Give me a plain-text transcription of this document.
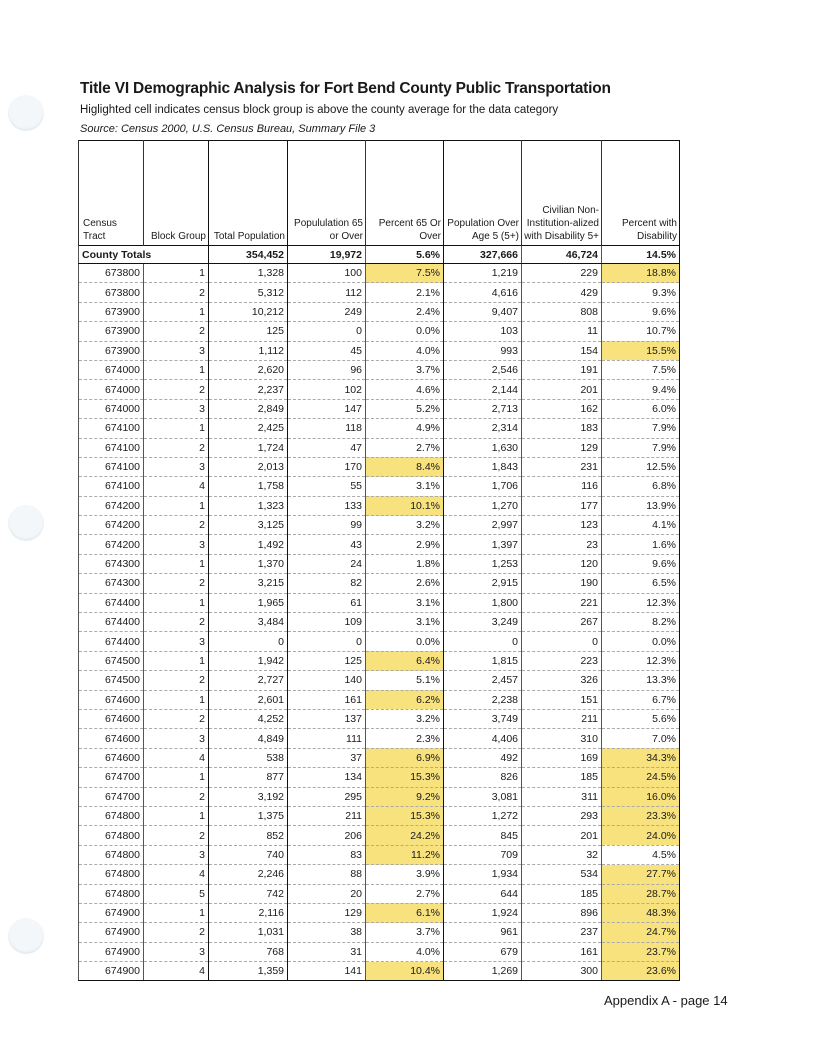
Title VI Demographic Analysis for Fort Bend County Public Transportation
Higlighted cell indicates census block group is above the county average for the data category
Source: Census 2000, U.S. Census Bureau, Summary File 3
Census Tract	Block Group	Total Population	Popululation 65 or Over	Percent 65 Or Over	Population Over Age 5 (5+)	Civilian Non-Institution-alized with Disability 5+	Percent with Disability
County Totals		354,452	19,972	5.6%	327,666	46,724	14.5%
673800	1	1,328	100	7.5%	1,219	229	18.8%
673800	2	5,312	112	2.1%	4,616	429	9.3%
673900	1	10,212	249	2.4%	9,407	808	9.6%
673900	2	125	0	0.0%	103	11	10.7%
673900	3	1,112	45	4.0%	993	154	15.5%
674000	1	2,620	96	3.7%	2,546	191	7.5%
674000	2	2,237	102	4.6%	2,144	201	9.4%
674000	3	2,849	147	5.2%	2,713	162	6.0%
674100	1	2,425	118	4.9%	2,314	183	7.9%
674100	2	1,724	47	2.7%	1,630	129	7.9%
674100	3	2,013	170	8.4%	1,843	231	12.5%
674100	4	1,758	55	3.1%	1,706	116	6.8%
674200	1	1,323	133	10.1%	1,270	177	13.9%
674200	2	3,125	99	3.2%	2,997	123	4.1%
674200	3	1,492	43	2.9%	1,397	23	1.6%
674300	1	1,370	24	1.8%	1,253	120	9.6%
674300	2	3,215	82	2.6%	2,915	190	6.5%
674400	1	1,965	61	3.1%	1,800	221	12.3%
674400	2	3,484	109	3.1%	3,249	267	8.2%
674400	3	0	0	0.0%	0	0	0.0%
674500	1	1,942	125	6.4%	1,815	223	12.3%
674500	2	2,727	140	5.1%	2,457	326	13.3%
674600	1	2,601	161	6.2%	2,238	151	6.7%
674600	2	4,252	137	3.2%	3,749	211	5.6%
674600	3	4,849	111	2.3%	4,406	310	7.0%
674600	4	538	37	6.9%	492	169	34.3%
674700	1	877	134	15.3%	826	185	24.5%
674700	2	3,192	295	9.2%	3,081	311	16.0%
674800	1	1,375	211	15.3%	1,272	293	23.3%
674800	2	852	206	24.2%	845	201	24.0%
674800	3	740	83	11.2%	709	32	4.5%
674800	4	2,246	88	3.9%	1,934	534	27.7%
674800	5	742	20	2.7%	644	185	28.7%
674900	1	2,116	129	6.1%	1,924	896	48.3%
674900	2	1,031	38	3.7%	961	237	24.7%
674900	3	768	31	4.0%	679	161	23.7%
674900	4	1,359	141	10.4%	1,269	300	23.6%
Appendix A - page 14
